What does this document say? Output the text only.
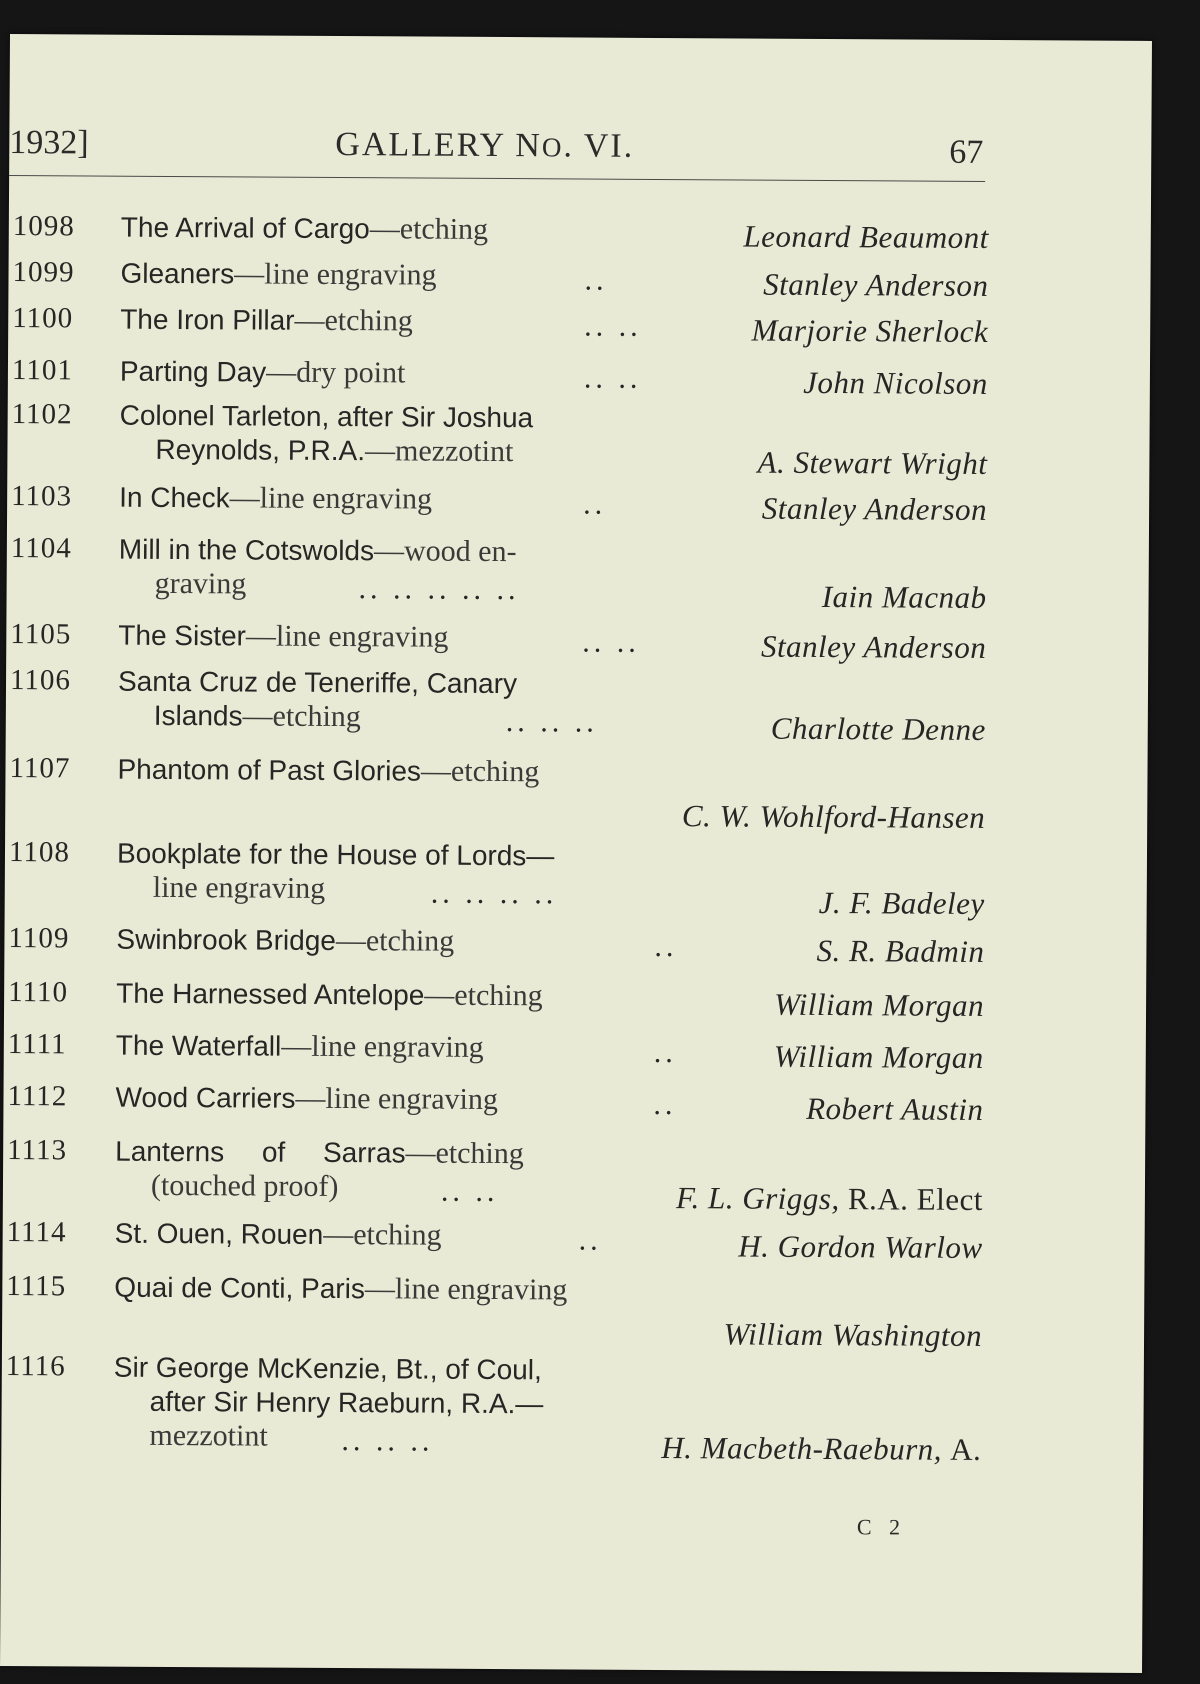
1932]	GALLERY NO. VI.	67
1098 The Arrival of Cargo—etching	Leonard Beaumont
1099 Gleaners—line engraving	..	Stanley Anderson
1100 The Iron Pillar—etching	.. ..	Marjorie Sherlock
1101 Parting Day—dry point	.. ..	John Nicolson
1102 Colonel Tarleton, after Sir Joshua
Reynolds, P.R.A.—mezzotint	A. Stewart Wright
1103 In Check—line engraving	..	Stanley Anderson
1104 Mill in the Cotswolds—wood en-
graving	.. .. .. .. ..	Iain Macnab
1105 The Sister—line engraving	.. ..	Stanley Anderson
1106 Santa Cruz de Teneriffe, Canary
Islands—etching	.. .. ..	Charlotte Denne
1107 Phantom of Past Glories—etching
C. W. Wohlford-Hansen
1108 Bookplate for the House of Lords—
line engraving	.. .. .. ..	J. F. Badeley
1109 Swinbrook Bridge—etching	..	S. R. Badmin
1110 The Harnessed Antelope—etching	William Morgan
1111 The Waterfall—line engraving	..	William Morgan
1112 Wood Carriers—line engraving	..	Robert Austin
1113 Lanterns of Sarras—etching
(touched proof)	.. ..	F. L. Griggs, R.A. Elect
1114 St. Ouen, Rouen—etching	..	H. Gordon Warlow
1115 Quai de Conti, Paris—line engraving
William Washington
1116 Sir George McKenzie, Bt., of Coul,
after Sir Henry Raeburn, R.A.—
mezzotint .. .. ..	H. Macbeth-Raeburn, A.
C 2
